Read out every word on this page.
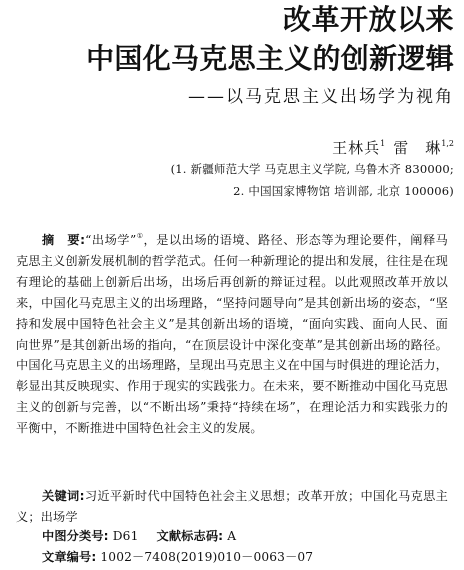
改革开放以来
中国化马克思主义的创新逻辑
——以马克思主义出场学为视角
王林兵$^1$ 雷　琳$^{1,2}$
(1. 新疆师范大学 马克思主义学院, 乌鲁木齐 830000;
2. 中国国家博物馆 培训部, 北京 100006)
摘　要:“出场学”①，是以出场的语境、路径、形态等为理论要件，阐释马克思主义创新发展机制的哲学范式。任何一种新理论的提出和发展，往往是在现有理论的基础上创新后出场，出场后再创新的辩证过程。以此观照改革开放以来，中国化马克思主义的出场理路，“坚持问题导向”是其创新出场的姿态，“坚持和发展中国特色社会主义”是其创新出场的语境，“面向实践、面向人民、面向世界”是其创新出场的指向，“在顶层设计中深化变革”是其创新出场的路径。中国化马克思主义的出场理路，呈现出马克思主义在中国与时俱进的理论活力，彰显出其反映现实、作用于现实的实践张力。在未来，要不断推动中国化马克思主义的创新与完善，以“不断出场”秉持“持续在场”，在理论活力和实践张力的平衡中，不断推进中国特色社会主义的发展。
关键词:习近平新时代中国特色社会主义思想；改革开放；中国化马克思主义；出场学
中图分类号: D61 文献标志码: A
文章编号: 1002－7408(2019)010－0063－07
